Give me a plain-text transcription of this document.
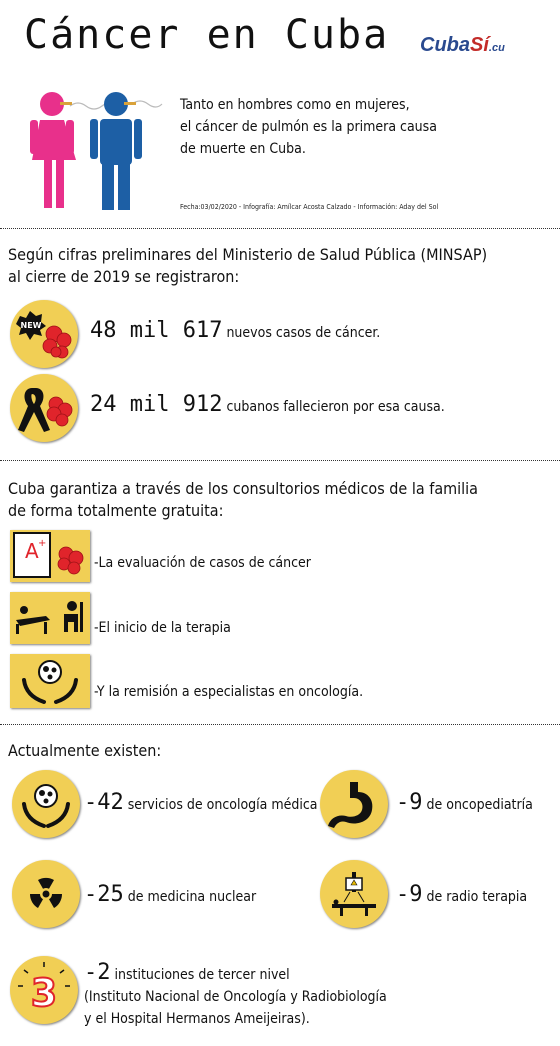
Cáncer en Cuba CubaSí.cu
Tanto en hombres como en mujeres,
el cáncer de pulmón es la primera causa
de muerte en Cuba.
Fecha:03/02/2020 - Infografía: Amílcar Acosta Calzado - Información: Aday del Sol
Según cifras preliminares del Ministerio de Salud Pública (MINSAP)
al cierre de 2019 se registraron:
NEW 48 mil 617 nuevos casos de cáncer.
24 mil 912 cubanos fallecieron por esa causa.
Cuba garantiza a través de los consultorios médicos de la familia
de forma totalmente gratuita:
A +
-La evaluación de casos de cáncer
-El inicio de la terapia
-Y la remisión a especialistas en oncología.
Actualmente existen:
-42 servicios de oncología médica	-9 de oncopediatría
-25 de medicina nuclear	-9 de radio terapia
3 -2 instituciones de tercer nivel
(Instituto Nacional de Oncología y Radiobiología
y el Hospital Hermanos Ameijeiras).
